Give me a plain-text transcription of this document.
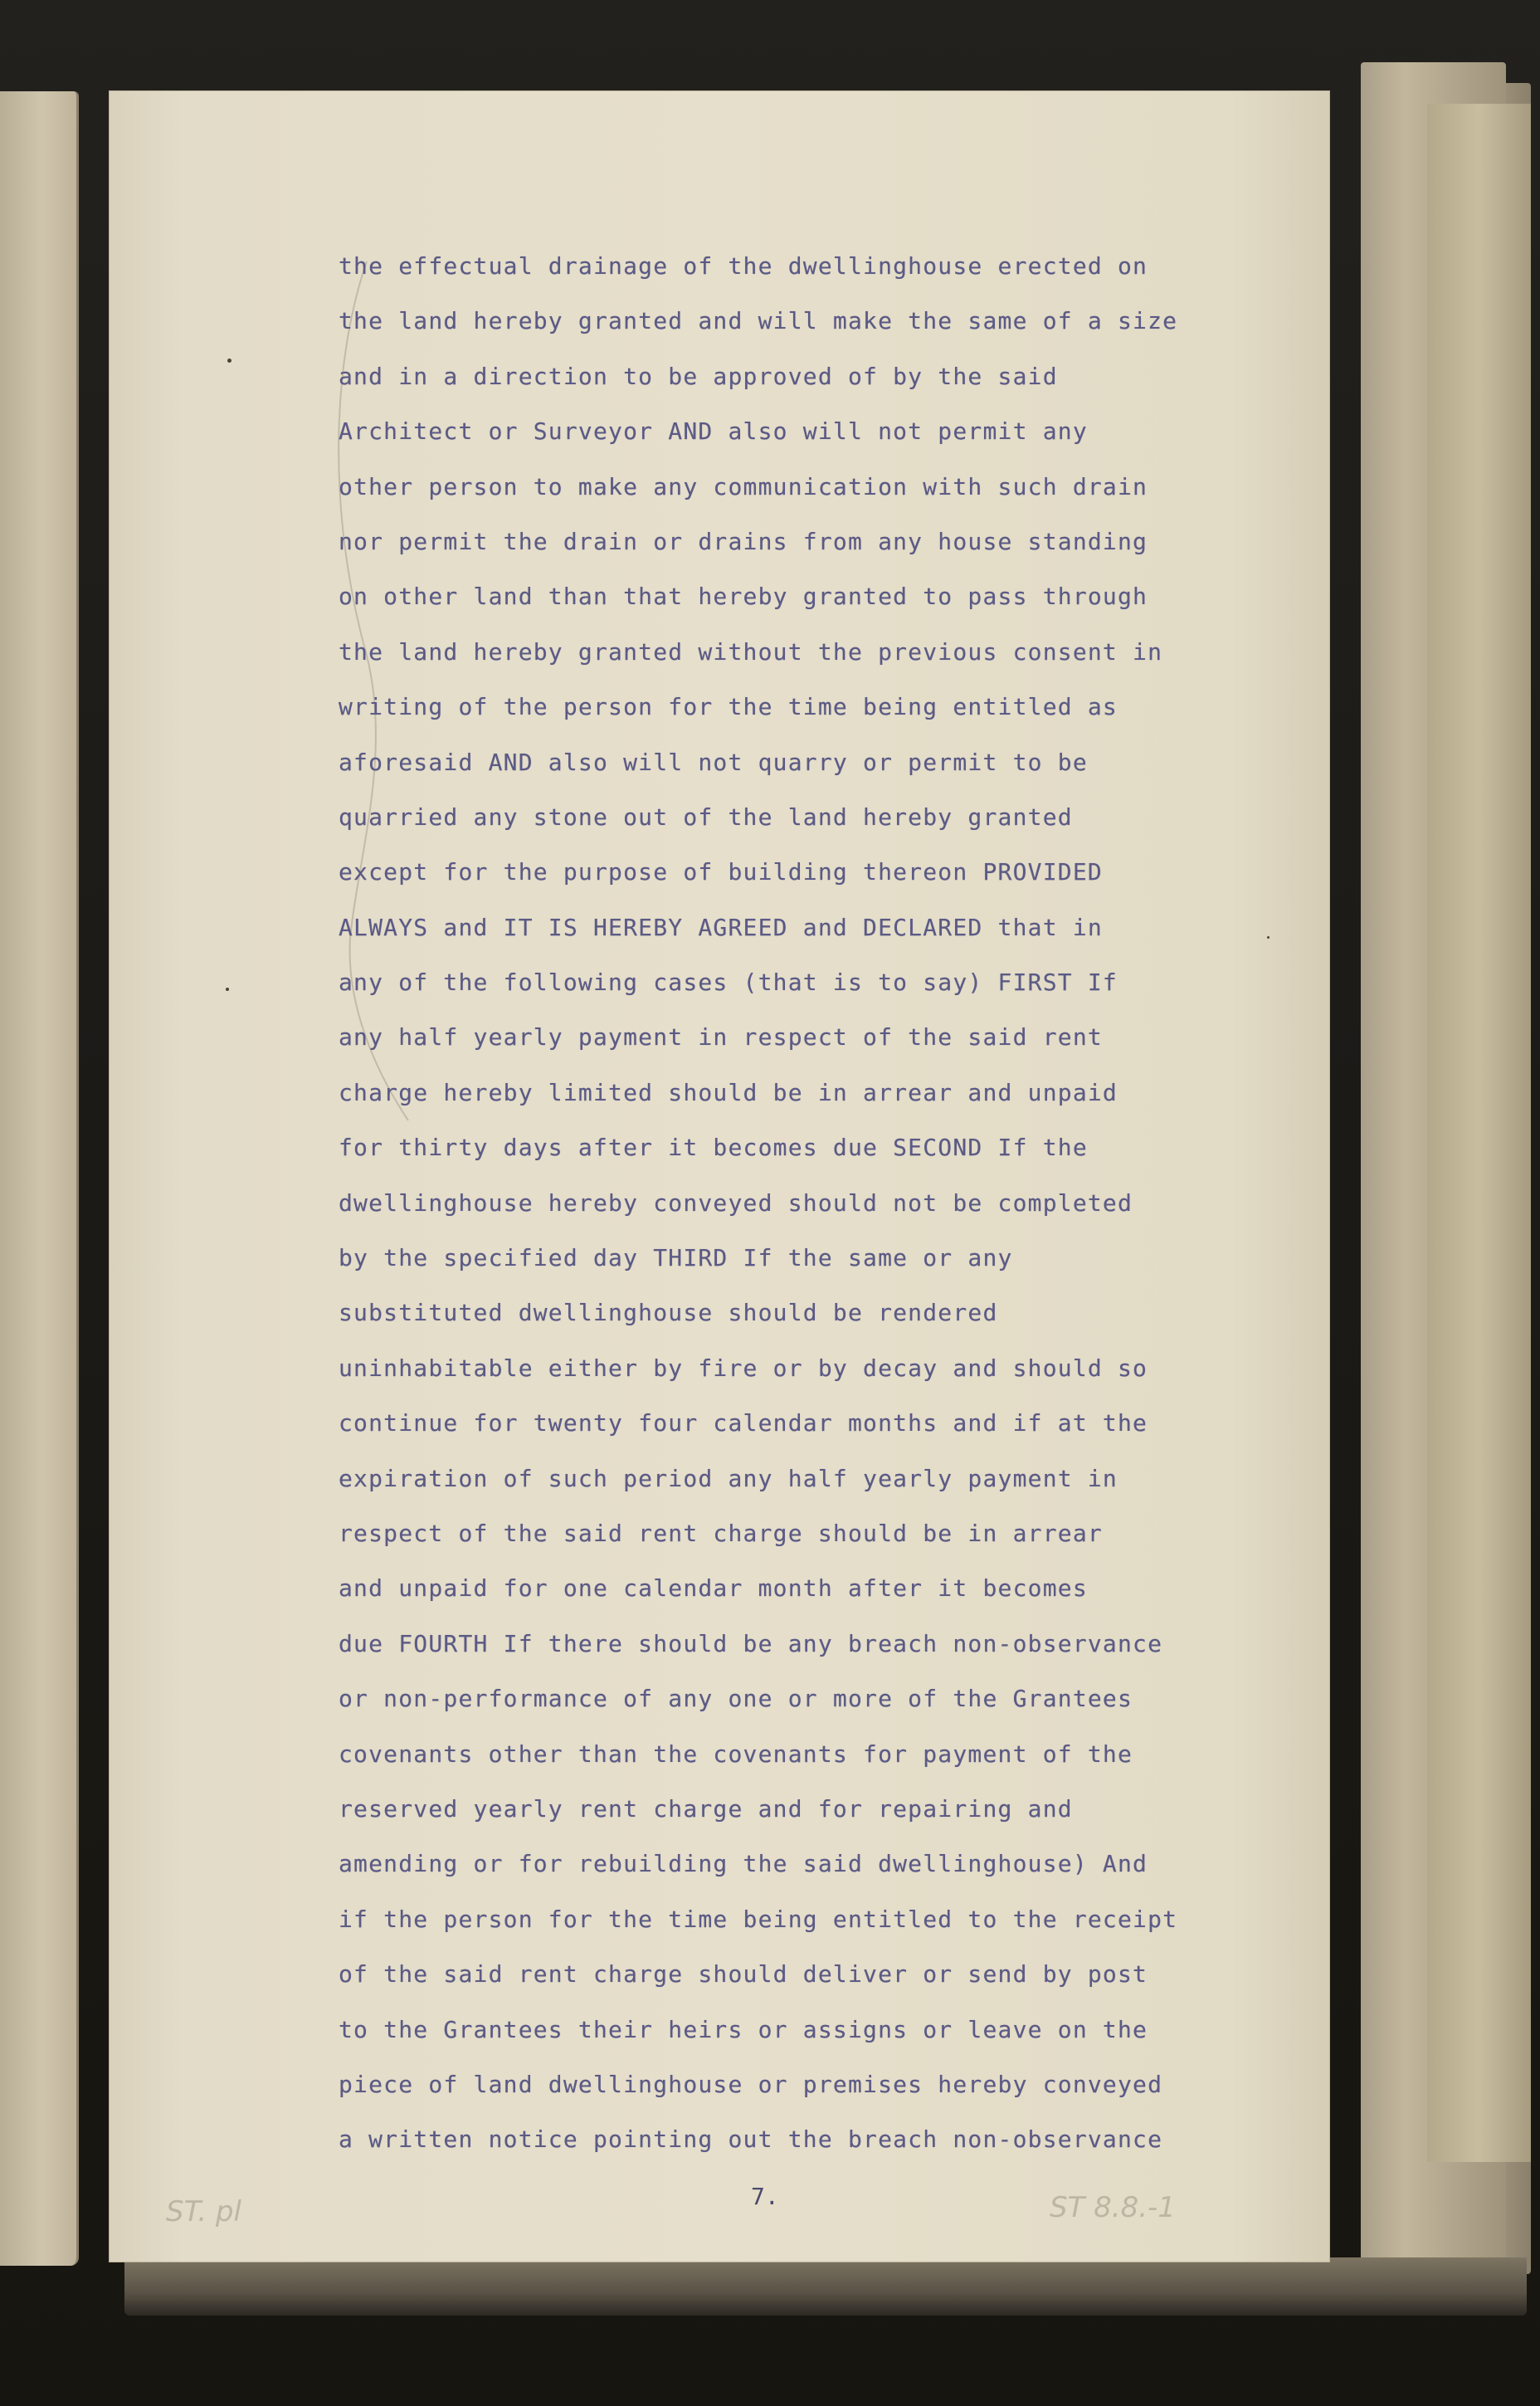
the effectual drainage of the dwellinghouse erected on
the land hereby granted and will make the same of a size
and in a direction to be approved of by the said
Architect or Surveyor AND also will not permit any
other person to make any communication with such drain
nor permit the drain or drains from any house standing
on other land than that hereby granted to pass through
the land hereby granted without the previous consent in
writing of the person for the time being entitled as
aforesaid AND also will not quarry or permit to be
quarried any stone out of the land hereby granted
except for the purpose of building thereon PROVIDED
ALWAYS and IT IS HEREBY AGREED and DECLARED that in
any of the following cases (that is to say) FIRST If
any half yearly payment in respect of the said rent
charge hereby limited should be in arrear and unpaid
for thirty days after it becomes due SECOND If the
dwellinghouse hereby conveyed should not be completed
by the specified day THIRD If the same or any
substituted dwellinghouse should be rendered
uninhabitable either by fire or by decay and should so
continue for twenty four calendar months and if at the
expiration of such period any half yearly payment in
respect of the said rent charge should be in arrear
and unpaid for one calendar month after it becomes
due FOURTH If there should be any breach non-observance
or non-performance of any one or more of the Grantees
covenants other than the covenants for payment of the
reserved yearly rent charge and for repairing and
amending or for rebuilding the said dwellinghouse) And
if the person for the time being entitled to the receipt
of the said rent charge should deliver or send by post
to the Grantees their heirs or assigns or leave on the
piece of land dwellinghouse or premises hereby conveyed
a written notice pointing out the breach non-observance
7.
ST. pl	ST 8.8.-1
